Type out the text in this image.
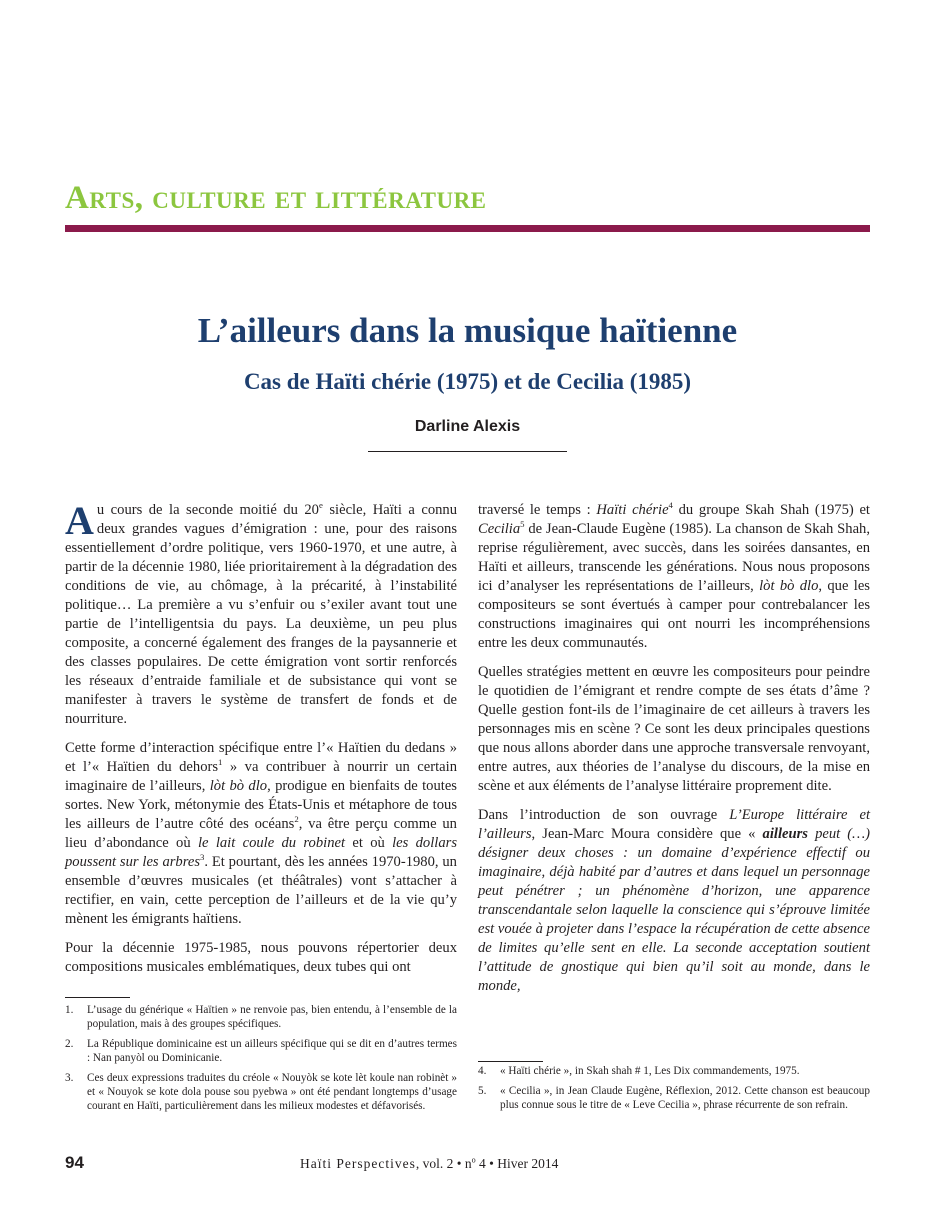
Arts, culture et littérature
L’ailleurs dans la musique haïtienne
Cas de Haïti chérie (1975) et de Cecilia (1985)
Darline Alexis

Au cours de la seconde moitié du 20e siècle, Haïti a connu deux grandes vagues d’émigration : une, pour des raisons essentiellement d’ordre politique, vers 1960-1970, et une autre, à partir de la décennie 1980, liée prioritairement à la dégradation des conditions de vie, au chômage, à la précarité, à l’instabilité politique… La première a vu s’enfuir ou s’exiler avant tout une partie de l’intelligentsia du pays. La deuxième, un peu plus composite, a concerné également des franges de la paysannerie et des classes populaires. De cette émigration vont sortir renforcés les réseaux d’entraide familiale et de subsistance qui vont se manifester à travers le système de transfert de fonds et de nourriture.

Cette forme d’interaction spécifique entre l’« Haïtien du dedans » et l’« Haïtien du dehors$^1$ » va contribuer à nourrir un certain imaginaire de l’ailleurs, lòt bò dlo, prodigue en bienfaits de toutes sortes. New York, métonymie des États-Unis et métaphore de tous les ailleurs de l’autre côté des océans$^2$, va être perçu comme un lieu d’abondance où le lait coule du robinet et où les dollars poussent sur les arbres$^3$. Et pourtant, dès les années 1970-1980, un ensemble d’œuvres musicales (et théâtrales) vont s’attacher à rectifier, en vain, cette perception de l’ailleurs et de la vie qu’y mènent les émigrants haïtiens.

Pour la décennie 1975-1985, nous pouvons répertorier deux compositions musicales emblématiques, deux tubes qui ont

traversé le temps : Haïti chérie$^4$ du groupe Skah Shah (1975) et Cecilia$^5$ de Jean-Claude Eugène (1985). La chanson de Skah Shah, reprise régulièrement, avec succès, dans les soirées dansantes, en Haïti et ailleurs, transcende les générations. Nous nous proposons ici d’analyser les représentations de l’ailleurs, lòt bò dlo, que les compositeurs se sont évertués à camper pour contrebalancer les constructions imaginaires qui ont nourri les incompréhensions entre les deux communautés.

Quelles stratégies mettent en œuvre les compositeurs pour peindre le quotidien de l’émigrant et rendre compte de ses états d’âme ? Quelle gestion font-ils de l’imaginaire de cet ailleurs à travers les personnages mis en scène ? Ce sont les deux principales questions que nous allons aborder dans une approche transversale renvoyant, entre autres, aux théories de l’analyse du discours, de la mise en scène et aux éléments de l’analyse littéraire proprement dite.

Dans l’introduction de son ouvrage L’Europe littéraire et l’ailleurs, Jean-Marc Moura considère que « ailleurs peut (…) désigner deux choses : un domaine d’expérience effectif ou imaginaire, déjà habité par d’autres et dans lequel un personnage peut pénétrer ; un phénomène d’horizon, une apparence transcendantale selon laquelle la conscience qui s’éprouve limitée est vouée à projeter dans l’espace la récupération de cette absence de limites qu’elle sent en elle. La seconde acceptation soutient l’attitude de gnostique qui bien qu’il soit au monde, dans le monde,

1.	L’usage du générique « Haïtien » ne renvoie pas, bien entendu, à l’ensemble de la population, mais à des groupes spécifiques.
2.	La République dominicaine est un ailleurs spécifique qui se dit en d’autres termes : Nan panyòl ou Dominicanie.
3.	Ces deux expressions traduites du créole « Nouyòk se kote lèt koule nan robinèt » et « Nouyok se kote dola pouse sou pyebwa » ont été pendant longtemps d’usage courant en Haïti, particulièrement dans les milieux modestes et défavorisés.
4.	« Haïti chérie », in Skah shah # 1, Les Dix commandements, 1975.
5.	« Cecilia », in Jean Claude Eugène, Réflexion, 2012. Cette chanson est beaucoup plus connue sous le titre de « Leve Cecilia », phrase récurrente de son refrain.
94	Haïti Perspectives, vol. 2 • $n^o$ 4 • Hiver 2014
